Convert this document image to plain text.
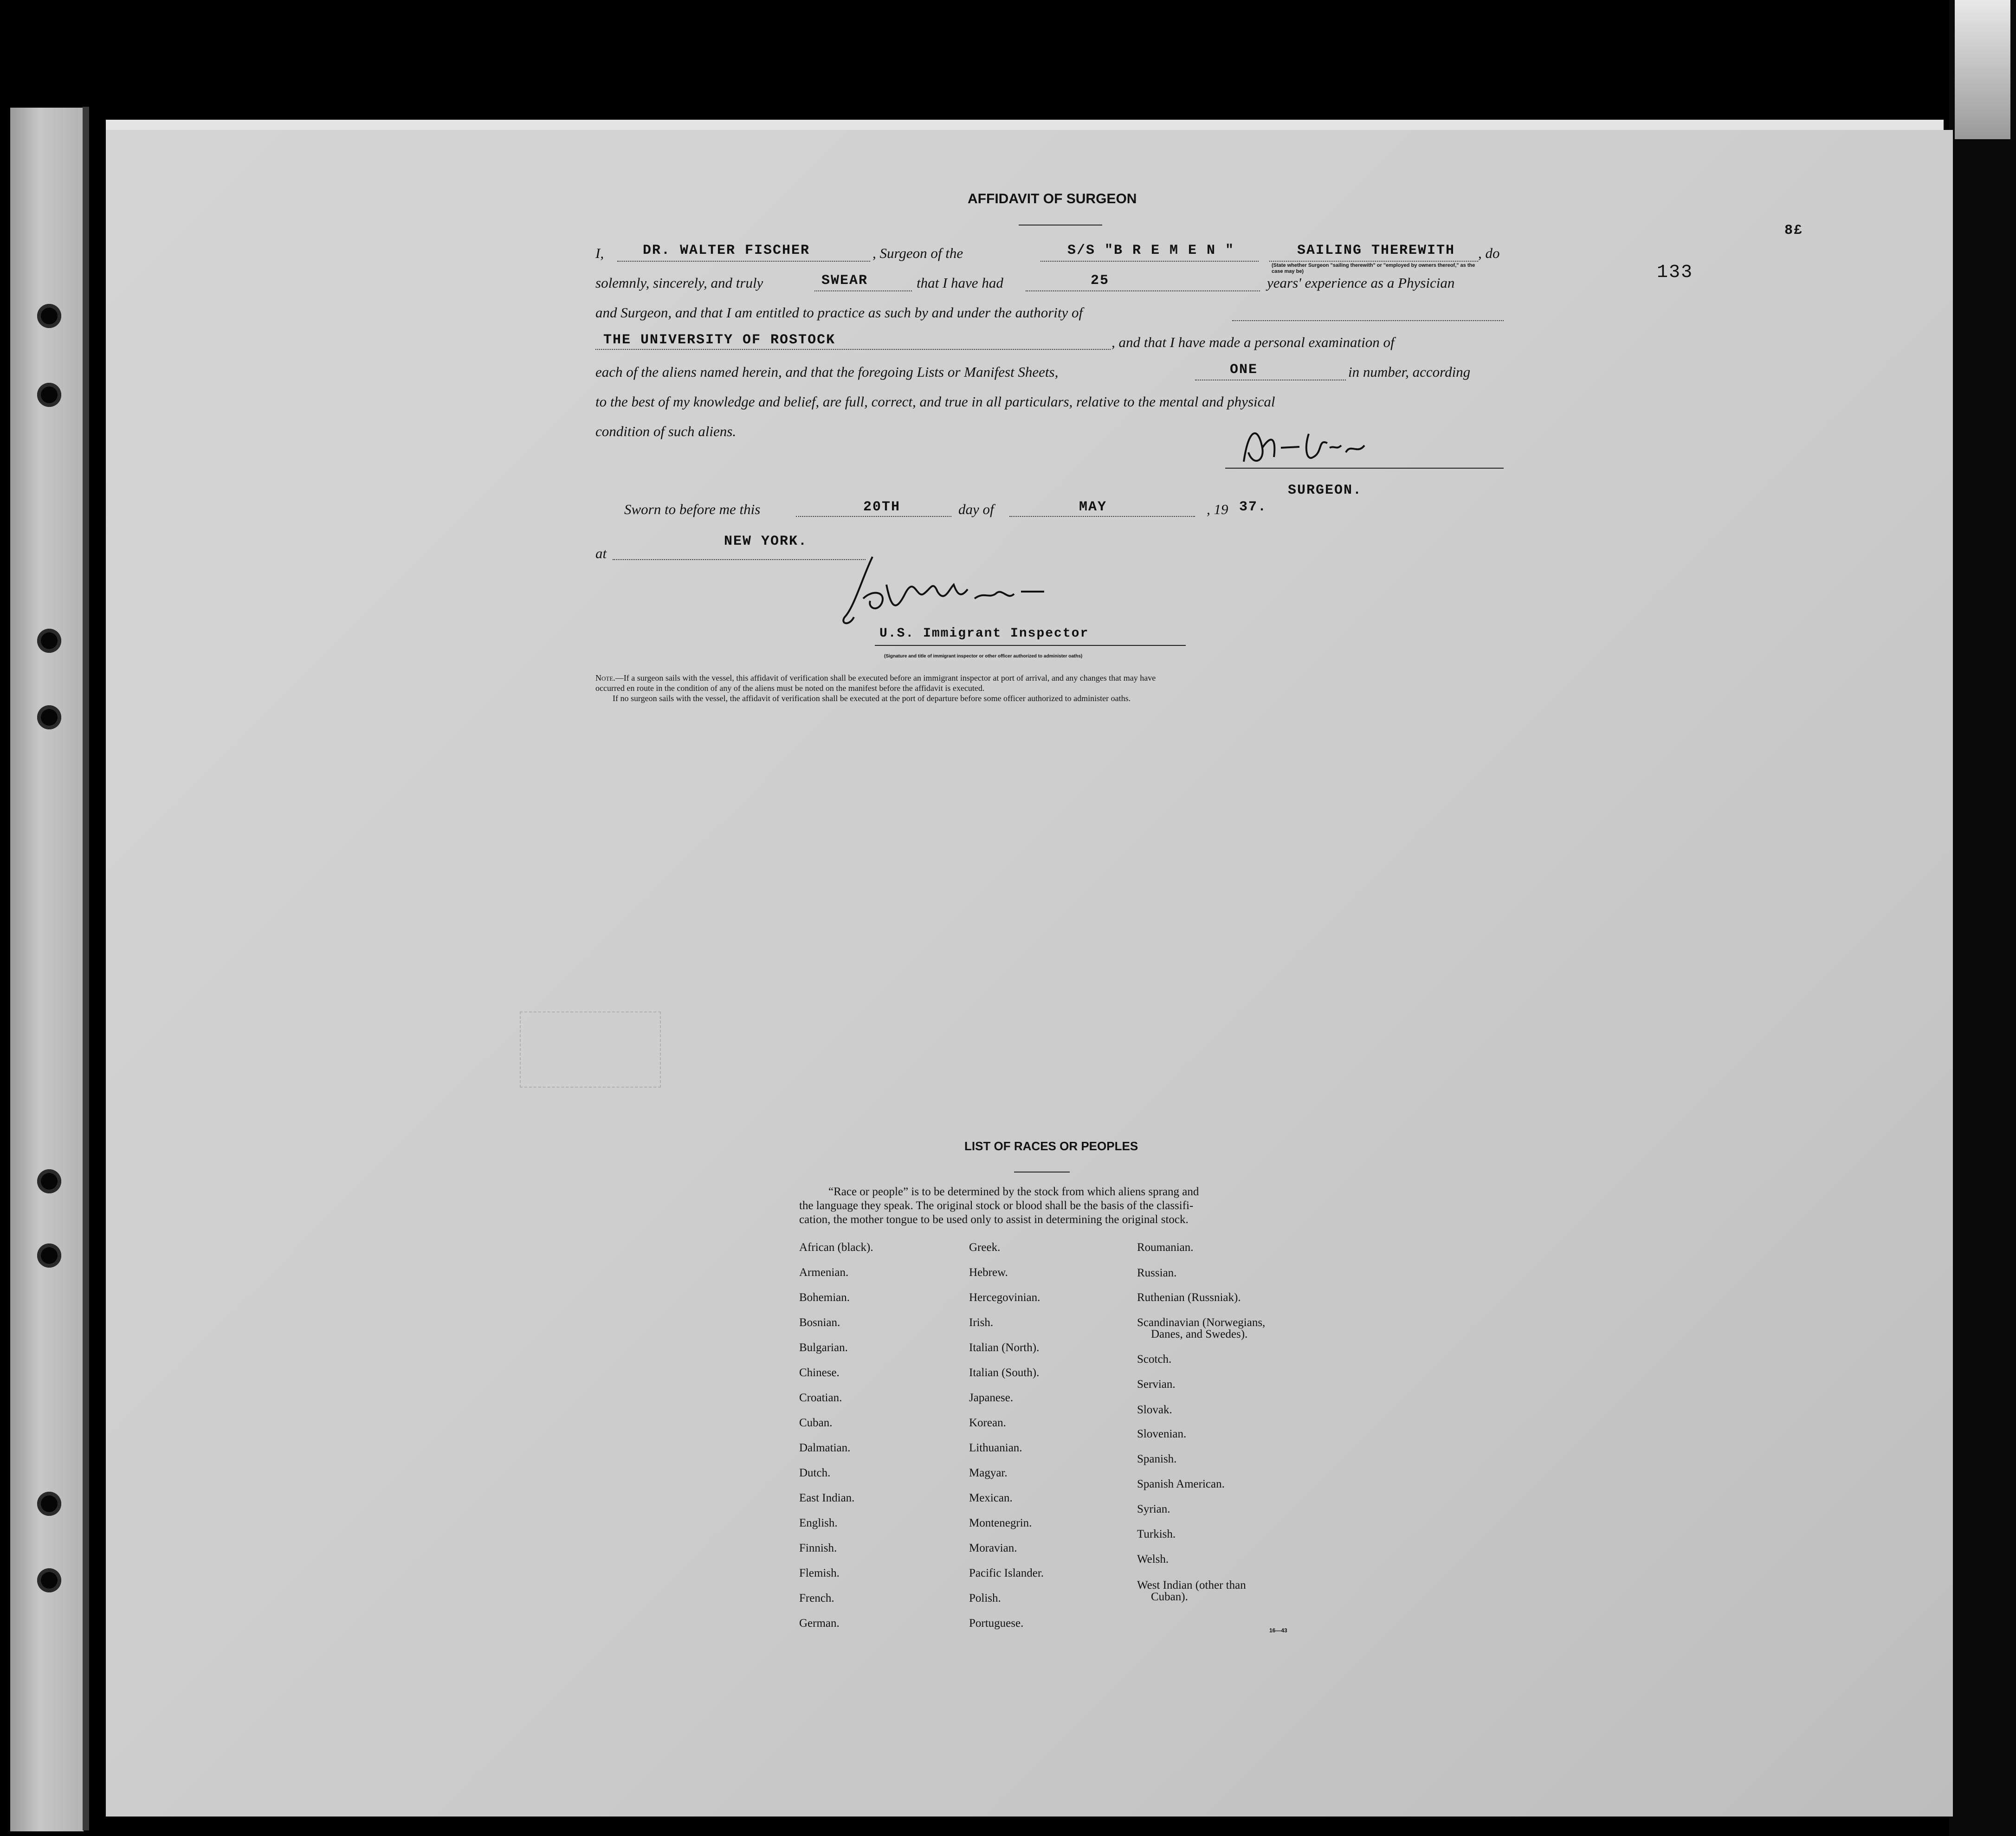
133
8£
AFFIDAVIT OF SURGEON
I,	DR. WALTER FISCHER	, Surgeon of the	S/S "B R E M E N "	SAILING THEREWITH , do
(State whether Surgeon "sailing therewith" or "employed by owners thereof," as the case may be)
solemnly, sincerely, and truly	SWEAR	that I have had	25	years' experience as a Physician
and Surgeon, and that I am entitled to practice as such by and under the authority of
THE UNIVERSITY OF ROSTOCK	, and that I have made a personal examination of
each of the aliens named herein, and that the foregoing Lists or Manifest Sheets,	ONE	in number, according
to the best of my knowledge and belief, are full, correct, and true in all particulars, relative to the mental and physical
condition of such aliens.
SURGEON.
Sworn to before me this	20TH	day of	MAY	, 19 37.
at
NEW YORK.
U.S. Immigrant Inspector
(Signature and title of immigrant inspector or other officer authorized to administer oaths)
Note.—If a surgeon sails with the vessel, this affidavit of verification shall be executed before an immigrant inspector at port of arrival, and any changes that may have
occurred en route in the condition of any of the aliens must be noted on the manifest before the affidavit is executed.
If no surgeon sails with the vessel, the affidavit of verification shall be executed at the port of departure before some officer authorized to administer oaths.
LIST OF RACES OR PEOPLES
“Race or people” is to be determined by the stock from which aliens sprang and
the language they speak. The original stock or blood shall be the basis of the classifi-
cation, the mother tongue to be used only to assist in determining the original stock.
African (black).
Armenian.
Bohemian.
Bosnian.
Bulgarian.
Chinese.
Croatian.
Cuban.
Dalmatian.
Dutch.
East Indian.
English.
Finnish.
Flemish.
French.
German.
Greek.
Hebrew.
Hercegovinian.
Irish.
Italian (North).
Italian (South).
Japanese.
Korean.
Lithuanian.
Magyar.
Mexican.
Montenegrin.
Moravian.
Pacific Islander.
Polish.
Portuguese.
Roumanian.
Russian.
Ruthenian (Russniak).
Scandinavian (Norwegians,
Danes, and Swedes).
Scotch.
Servian.
Slovak.
Slovenian.
Spanish.
Spanish American.
Syrian.
Turkish.
Welsh.
West Indian (other than
Cuban).
16—43
